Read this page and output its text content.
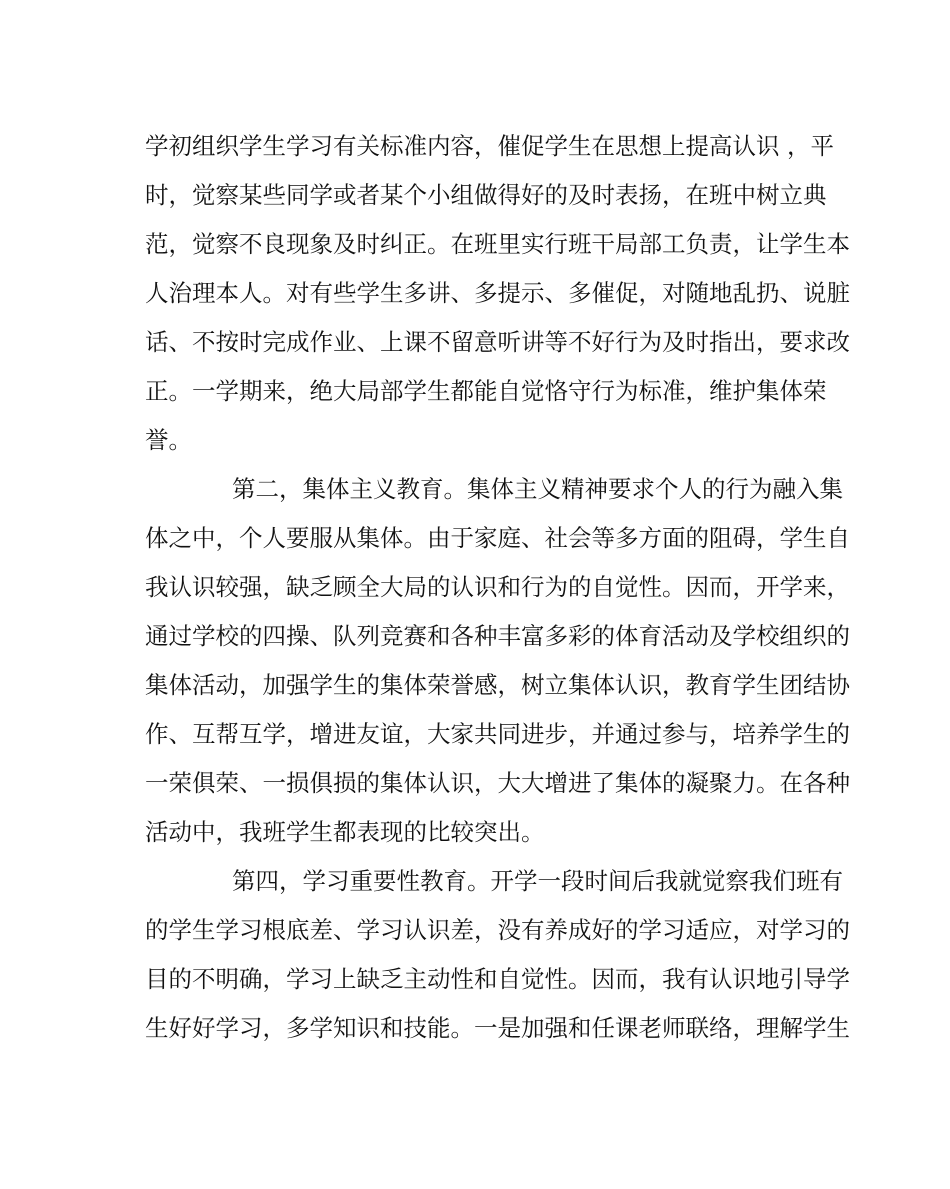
学初组织学生学习有关标准内容，催促学生在思想上提高认识 ，平
时，觉察某些同学或者某个小组做得好的及时表扬，在班中树立典
范，觉察不良现象及时纠正。在班里实行班干局部工负责，让学生本
人治理本人。对有些学生多讲、多提示、多催促，对随地乱扔、说脏
话、不按时完成作业、上课不留意听讲等不好行为及时指出，要求改
正。一学期来，绝大局部学生都能自觉恪守行为标准，维护集体荣
誉。
第二，集体主义教育。集体主义精神要求个人的行为融入集
体之中，个人要服从集体。由于家庭、社会等多方面的阻碍，学生自
我认识较强，缺乏顾全大局的认识和行为的自觉性。因而，开学来，
通过学校的四操、队列竞赛和各种丰富多彩的体育活动及学校组织的
集体活动，加强学生的集体荣誉感，树立集体认识，教育学生团结协
作、互帮互学，增进友谊，大家共同进步，并通过参与，培养学生的
一荣俱荣、一损俱损的集体认识，大大增进了集体的凝聚力。在各种
活动中，我班学生都表现的比较突出。
第四，学习重要性教育。开学一段时间后我就觉察我们班有
的学生学习根底差、学习认识差，没有养成好的学习适应，对学习的
目的不明确，学习上缺乏主动性和自觉性。因而，我有认识地引导学
生好好学习，多学知识和技能。一是加强和任课老师联络，理解学生
